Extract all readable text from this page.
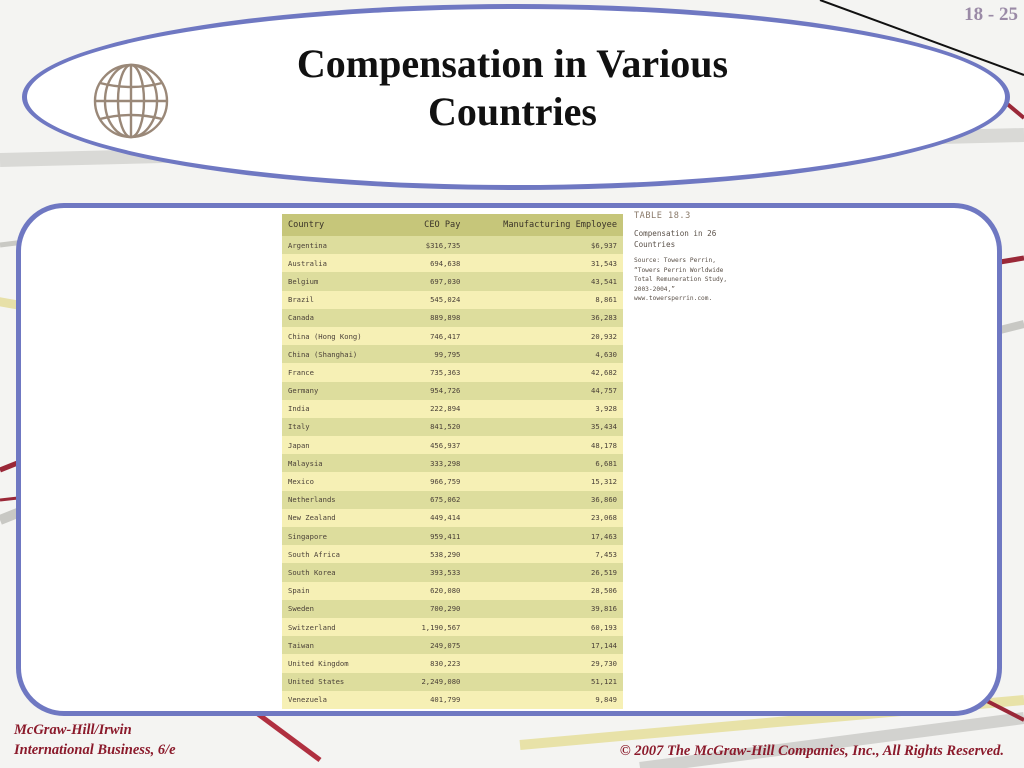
18 - 25
Compensation in Various Countries
Country	CEO Pay	Manufacturing Employee
Argentina	$316,735	$6,937
Australia	694,638	31,543
Belgium	697,030	43,541
Brazil	545,024	8,861
Canada	889,898	36,283
China (Hong Kong)	746,417	20,932
China (Shanghai)	99,795	4,630
France	735,363	42,682
Germany	954,726	44,757
India	222,894	3,928
Italy	841,520	35,434
Japan	456,937	48,178
Malaysia	333,298	6,681
Mexico	966,759	15,312
Netherlands	675,062	36,860
New Zealand	449,414	23,068
Singapore	959,411	17,463
South Africa	538,290	7,453
South Korea	393,533	26,519
Spain	620,080	28,506
Sweden	700,290	39,816
Switzerland	1,190,567	60,193
Taiwan	249,075	17,144
United Kingdom	830,223	29,730
United States	2,249,080	51,121
Venezuela	401,799	9,849
TABLE 18.3
Compensation in 26 Countries
Source: Towers Perrin, “Towers Perrin Worldwide Total Remuneration Study, 2003-2004,” www.towersperrin.com.
McGraw-Hill/Irwin
International Business, 6/e	© 2007 The McGraw-Hill Companies, Inc., All Rights Reserved.
